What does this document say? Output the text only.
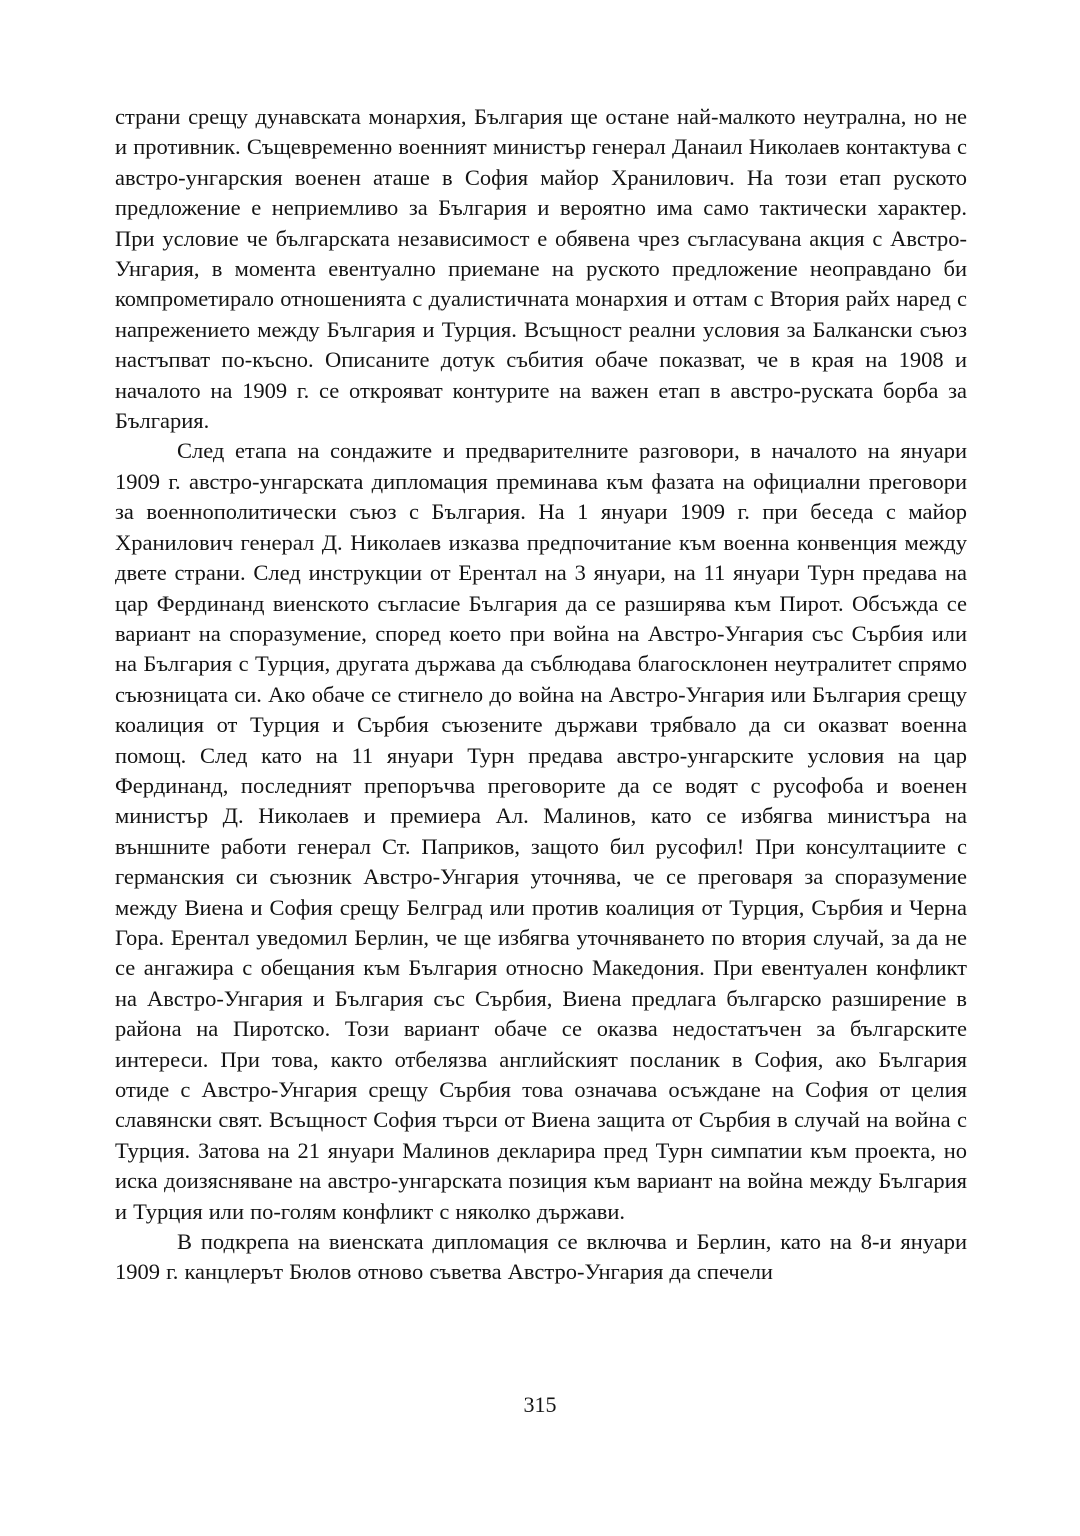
страни срещу дунавската монархия, България ще остане най-малкото неутрална, но не и противник. Същевременно военният министър генерал Данаил Николаев контактува с австро-унгарския военен аташе в София майор Хранилович. На този етап руското предложение е неприемливо за България и вероятно има само тактически характер. При условие че българската независимост е обявена чрез съгласувана акция с Австро-Унгария, в момента евентуално приемане на руското предложение неоправдано би компрометирало отношенията с дуалистичната монархия и оттам с Втория райх наред с напрежението между България и Турция. Всъщност реални условия за Балкански съюз настъпват по-късно. Описаните дотук събития обаче показват, че в края на 1908 и началото на 1909 г. се открояват контурите на важен етап в австро-руската борба за България.

След етапа на сондажите и предварителните разговори, в началото на януари 1909 г. австро-унгарската дипломация преминава към фазата на официални преговори за военнополитически съюз с България. На 1 януари 1909 г. при беседа с майор Хранилович генерал Д. Николаев изказва предпочитание към военна конвенция между двете страни. След инструкции от Ерентал на 3 януари, на 11 януари Турн предава на цар Фердинанд виенското съгласие България да се разширява към Пирот. Обсъжда се вариант на споразумение, според което при война на Австро-Унгария със Сърбия или на България с Турция, другата държава да съблюдава благосклонен неутралитет спрямо съюзницата си. Ако обаче се стигнело до война на Австро-Унгария или България срещу коалиция от Турция и Сърбия съюзените държави трябвало да си оказват военна помощ. След като на 11 януари Турн предава австро-унгарските условия на цар Фердинанд, последният препоръчва преговорите да се водят с русофоба и военен министър Д. Николаев и премиера Ал. Малинов, като се избягва министъра на външните работи генерал Ст. Паприков, защото бил русофил! При консултациите с германския си съюзник Австро-Унгария уточнява, че се преговаря за споразумение между Виена и София срещу Белград или против коалиция от Турция, Сърбия и Черна Гора. Ерентал уведомил Берлин, че ще избягва уточняването по втория случай, за да не се ангажира с обещания към България относно Македония. При евентуален конфликт на Австро-Унгария и България със Сърбия, Виена предлага българско разширение в района на Пиротско. Този вариант обаче се оказва недостатъчен за българските интереси. При това, както отбелязва английският посланик в София, ако България отиде с Австро-Унгария срещу Сърбия това означава осъждане на София от целия славянски свят. Всъщност София търси от Виена защита от Сърбия в случай на война с Турция. Затова на 21 януари Малинов декларира пред Турн симпатии към проекта, но иска доизясняване на австро-унгарската позиция към вариант на война между България и Турция или по-голям конфликт с няколко държави.

В подкрепа на виенската дипломация се включва и Берлин, като на 8-и януари 1909 г. канцлерът Бюлов отново съветва Австро-Унгария да спечели

315
